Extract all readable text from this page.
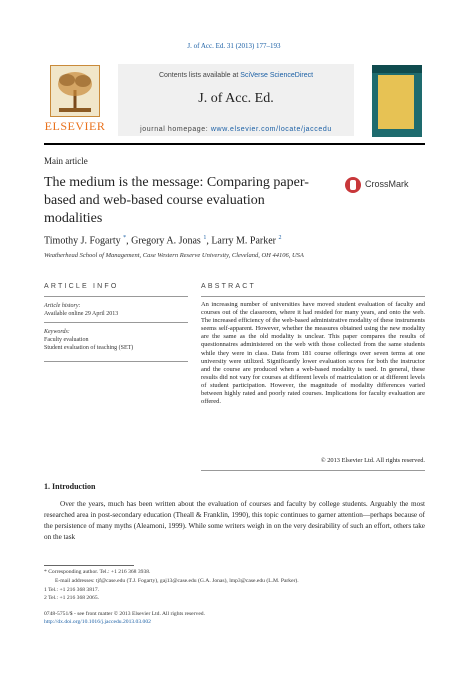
J. of Acc. Ed. 31 (2013) 177–193
ELSEVIER
Contents lists available at SciVerse ScienceDirect
J. of Acc. Ed.
journal homepage: www.elsevier.com/locate/jaccedu
Main article
The medium is the message: Comparing paper-based and web-based course evaluation modalities
CrossMark
Timothy J. Fogarty *, Gregory A. Jonas $^1$, Larry M. Parker $^2$
Weatherhead School of Management, Case Western Reserve University, Cleveland, OH 44106, USA
ARTICLE INFO	ABSTRACT
Article history:
Available online 29 April 2013
Keywords:
Faculty evaluation
Student evaluation of teaching (SET)
An increasing number of universities have moved student evaluation of faculty and courses out of the classroom, where it had resided for many years, and onto the web. The increased efficiency of the web-based administrative modality of these instruments seems self-apparent. However, whether the measures obtained using the new modality are the same as the old modality is unclear. This paper compares the results of questionnaires administered on the web with those collected from the same students while they were in class. Data from 181 course offerings over seven terms at one university were utilized. Significantly lower evaluation scores for both the instructor and the course are produced when a web-based modality is used. In general, these results did not vary for courses at different levels of matriculation or at different levels of student participation. However, the magnitude of modality differences varied between highly rated and poorly rated courses. Implications for faculty evaluation are offered.
© 2013 Elsevier Ltd. All rights reserved.
1. Introduction
Over the years, much has been written about the evaluation of courses and faculty by college students. Arguably the most researched area in post-secondary education (Theall & Franklin, 1990), this topic continues to garner attention—perhaps because of the persistence of many myths (Aleamoni, 1999). While some writers weigh in on the very desirability of such an effort, others take on the task
* Corresponding author. Tel.: +1 216 368 3938.
E-mail addresses: tjf@case.edu (T.J. Fogarty), gaj13@case.edu (G.A. Jonas), lmp3@case.edu (L.M. Parker).
1 Tel.: +1 216 368 3817.
2 Tel.: +1 216 368 2065.
0748-5751/$ - see front matter © 2013 Elsevier Ltd. All rights reserved.
http://dx.doi.org/10.1016/j.jaccedu.2013.03.002
